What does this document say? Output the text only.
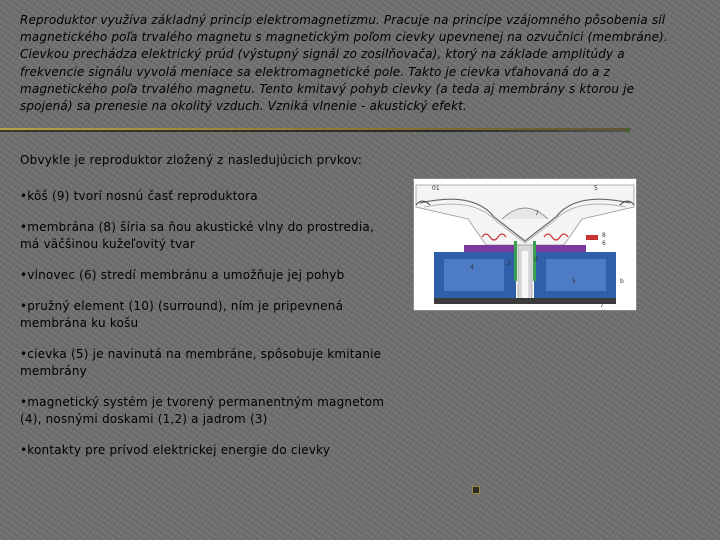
Reproduktor využíva základný princíp elektromagnetizmu. Pracuje na princípe vzájomného pôsobenia síl magnetického poľa trvalého magnetu s magnetickým poľom cievky upevnenej na ozvučnici (membráne). Cievkou prechádza elektrický prúd (výstupný signál zo zosilňovača), ktorý na základe amplitúdy a frekvencie signálu vyvolá meniace sa elektromagnetické pole. Takto je cievka vťahovaná do a z magnetického poľa trvalého magnetu. Tento kmitavý pohyb cievky (a teda aj membrány s ktorou je spojená) sa prenesie na okolitý vzduch. Vzniká vlnenie - akustický efekt.

Obvykle je reproduktor zložený z nasledujúcich prvkov:

•kôš (9) tvorí nosnú časť reproduktora

•membrána (8) šíria sa ňou akustické vlny do prostredia, má väčšinou kužeľovitý tvar

•vlnovec (6) stredí membránu a umožňuje jej pohyb

•pružný element (10) (surround), ním je pripevnená membrána ku košu

•cievka (5) je navinutá na membráne, spôsobuje kmitanie membrány

•magnetický systém je tvorený permanentným magnetom (4), nosnými doskami (1,2) a jadrom (3)

•kontakty pre prívod elektrickej energie do cievky

01	5
7
8
6
d
3
4
5	b
7
